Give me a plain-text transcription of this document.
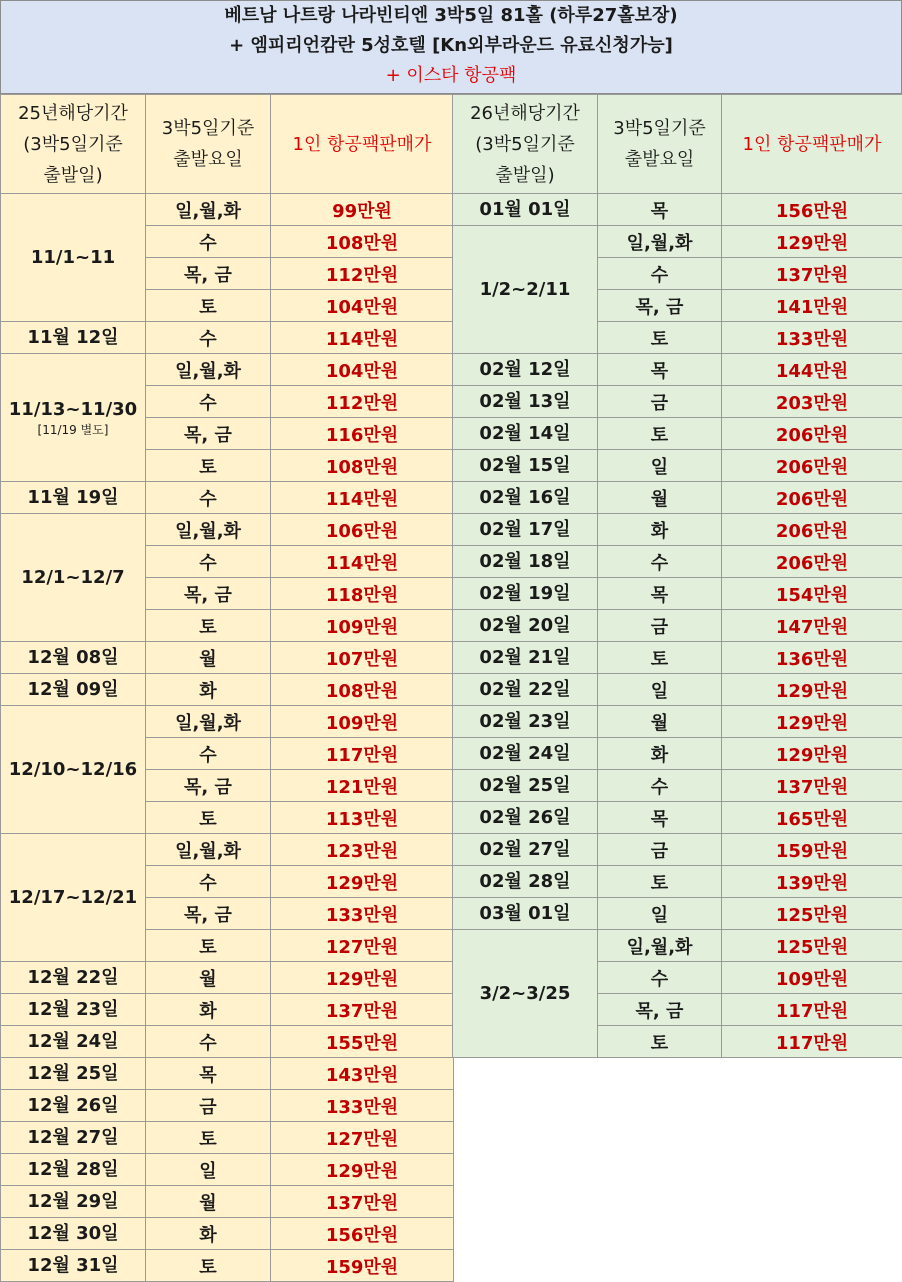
베트남 나트랑 나라빈티엔 3박5일 81홀 (하루27홀보장)
+ 엠피리언캄란 5성호텔 [Kn외부라운드 유료신청가능]
+ 이스타 항공팩
25년해당기간
(3박5일기준
출발일)	3박5일기준
출발요일	1인 항공팩판매가

11/1~11	일,월,화	99만원
	수	108만원
	목, 금	112만원
	토	104만원

11월 12일	수	114만원

11/13~11/30
[11/19 별도]	일,월,화	104만원
	수	112만원
	목, 금	116만원
	토	108만원

11월 19일	수	114만원

12/1~12/7	일,월,화	106만원
	수	114만원
	목, 금	118만원
	토	109만원

12월 08일	월	107만원

12월 09일	화	108만원

12/10~12/16	일,월,화	109만원
	수	117만원
	목, 금	121만원
	토	113만원

12/17~12/21	일,월,화	123만원
	수	129만원
	목, 금	133만원
	토	127만원

12월 22일	월	129만원

12월 23일	화	137만원

12월 24일	수	155만원

12월 25일	목	143만원

12월 26일	금	133만원

12월 27일	토	127만원

12월 28일	일	129만원

12월 29일	월	137만원

12월 30일	화	156만원

12월 31일	토	159만원
26년해당기간
(3박5일기준
출발일)	3박5일기준
출발요일	1인 항공팩판매가

01월 01일	목	156만원

1/2~2/11	일,월,화	129만원
	수	137만원
	목, 금	141만원
	토	133만원

02월 12일	목	144만원

02월 13일	금	203만원

02월 14일	토	206만원

02월 15일	일	206만원

02월 16일	월	206만원

02월 17일	화	206만원

02월 18일	수	206만원

02월 19일	목	154만원

02월 20일	금	147만원

02월 21일	토	136만원

02월 22일	일	129만원

02월 23일	월	129만원

02월 24일	화	129만원

02월 25일	수	137만원

02월 26일	목	165만원

02월 27일	금	159만원

02월 28일	토	139만원

03월 01일	일	125만원

3/2~3/25	일,월,화	125만원
	수	109만원
	목, 금	117만원
	토	117만원
